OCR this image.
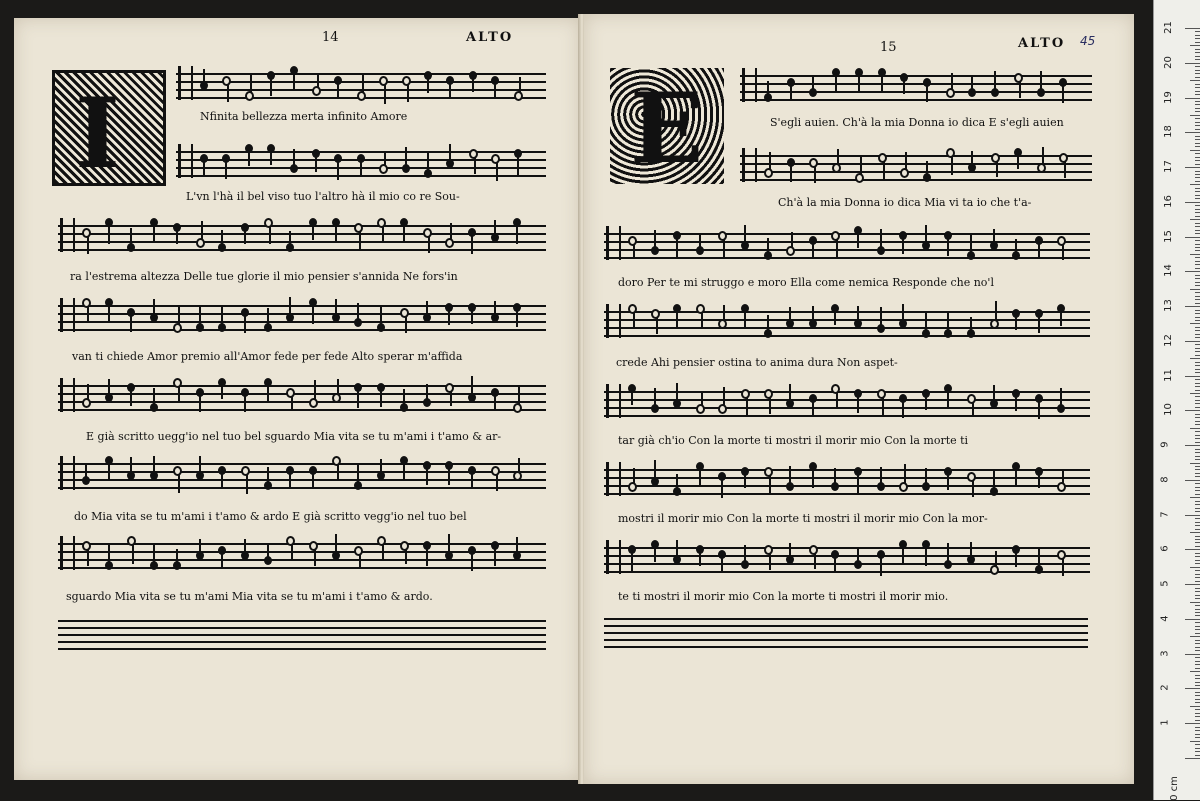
14	ALTO
I
15	ALTO 45
E
Nfinita bellezza merta infinito Amore
L'vn l'hà il bel viso tuo l'altro hà il mio co re Sou-
ra l'estrema altezza Delle tue glorie il mio pensier s'annida Ne fors'in
van ti chiede Amor premio all'Amor fede per fede Alto sperar m'affida
E già scritto uegg'io nel tuo bel sguardo Mia vita se tu m'ami i t'amo & ar-
do Mia vita se tu m'ami i t'amo & ardo E già scritto vegg'io nel tuo bel
sguardo Mia vita se tu m'ami Mia vita se tu m'ami i t'amo & ardo.
S'egli auien. Ch'à la mia Donna io dica E s'egli auien
Ch'à la mia Donna io dica Mia vi ta io che t'a-
doro Per te mi struggo e moro Ella come nemica Responde che no'l
crede Ahi pensier ostina to anima dura Non aspet-
tar già ch'io Con la morte ti mostri il morir mio Con la morte ti
mostri il morir mio Con la morte ti mostri il morir mio Con la mor-
te ti mostri il morir mio Con la morte ti mostri il morir mio.
0 cm
1
2
3
4
5
6
7
8
9
10
11
12
13
14
15
16
17
18
19
20
21
